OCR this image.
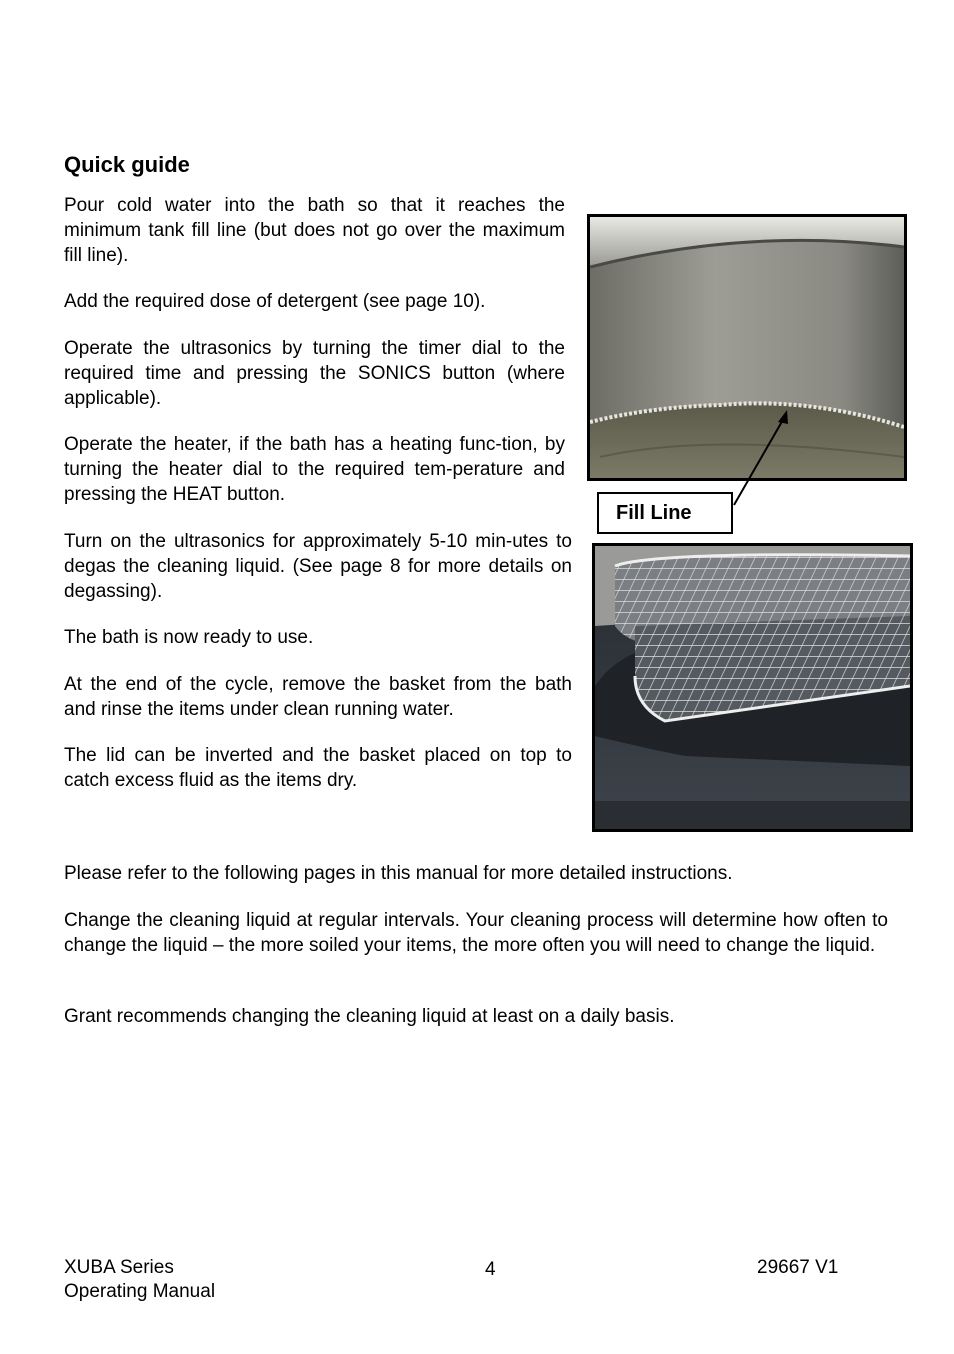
Quick guide

Pour cold water into the bath so that it reaches the minimum tank fill line (but does not go over the maximum fill line).

Add the required dose of detergent (see page 10).

Operate the ultrasonics by turning the timer dial to the required time and pressing the SONICS button (where applicable).

Operate the heater, if the bath has a heating func-tion, by turning the heater dial to the required tem-perature and pressing the HEAT button.

Turn on the ultrasonics for approximately 5-10 min-utes to degas the cleaning liquid. (See page 8 for more details on degassing).

The bath is now ready to use.

At the end of the cycle, remove the basket from the bath and rinse the items under clean running water.

The lid can be inverted and the basket placed on top to catch excess fluid as the items dry.

Fill Line

Please refer to the following pages in this manual for more detailed instructions.

Change the cleaning liquid at regular intervals. Your cleaning process will determine how often to change the liquid – the more soiled your items, the more often you will need to change the liquid.

Grant recommends changing the cleaning liquid at least on a daily basis.

XUBA Series
Operating Manual
4	29667 V1
